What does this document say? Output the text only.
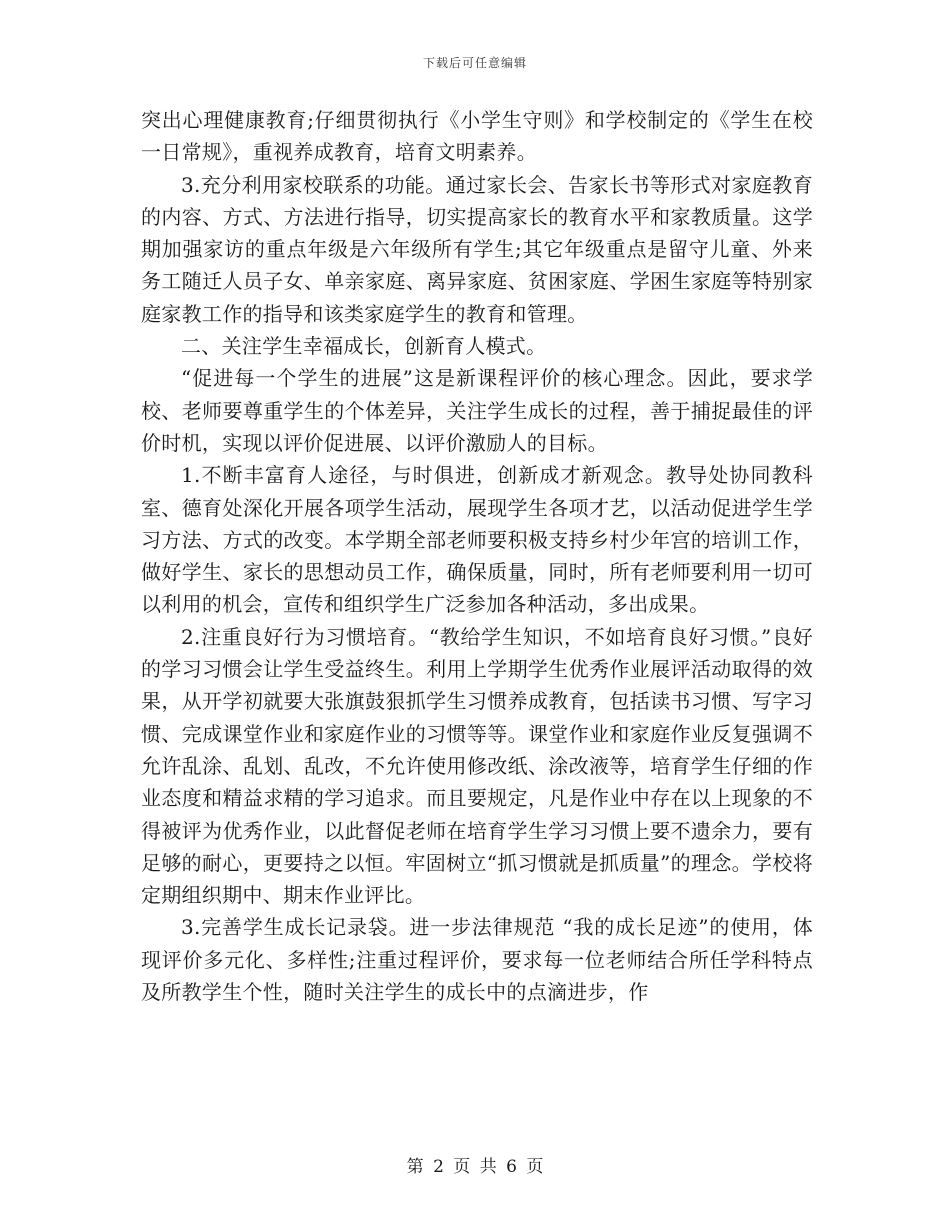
下载后可任意编辑

突出心理健康教育;仔细贯彻执行《小学生守则》和学校制定的《学生在校一日常规》，重视养成教育，培育文明素养。

3.充分利用家校联系的功能。通过家长会、告家长书等形式对家庭教育的内容、方式、方法进行指导，切实提高家长的教育水平和家教质量。这学期加强家访的重点年级是六年级所有学生;其它年级重点是留守儿童、外来务工随迁人员子女、单亲家庭、离异家庭、贫困家庭、学困生家庭等特别家庭家教工作的指导和该类家庭学生的教育和管理。

二、关注学生幸福成长，创新育人模式。

“促进每一个学生的进展”这是新课程评价的核心理念。因此，要求学校、老师要尊重学生的个体差异，关注学生成长的过程，善于捕捉最佳的评价时机，实现以评价促进展、以评价激励人的目标。

1.不断丰富育人途径，与时俱进，创新成才新观念。教导处协同教科室、德育处深化开展各项学生活动，展现学生各项才艺，以活动促进学生学习方法、方式的改变。本学期全部老师要积极支持乡村少年宫的培训工作，做好学生、家长的思想动员工作，确保质量，同时，所有老师要利用一切可以利用的机会，宣传和组织学生广泛参加各种活动，多出成果。

2.注重良好行为习惯培育。“教给学生知识，不如培育良好习惯。”良好的学习习惯会让学生受益终生。利用上学期学生优秀作业展评活动取得的效果，从开学初就要大张旗鼓狠抓学生习惯养成教育，包括读书习惯、写字习惯、完成课堂作业和家庭作业的习惯等等。课堂作业和家庭作业反复强调不允许乱涂、乱划、乱改，不允许使用修改纸、涂改液等，培育学生仔细的作业态度和精益求精的学习追求。而且要规定，凡是作业中存在以上现象的不得被评为优秀作业，以此督促老师在培育学生学习习惯上要不遗余力，要有足够的耐心，更要持之以恒。牢固树立“抓习惯就是抓质量”的理念。学校将定期组织期中、期末作业评比。

3.完善学生成长记录袋。进一步法律规范 “我的成长足迹”的使用，体现评价多元化、多样性;注重过程评价，要求每一位老师结合所任学科特点及所教学生个性，随时关注学生的成长中的点滴进步，作

第 2 页 共 6 页
